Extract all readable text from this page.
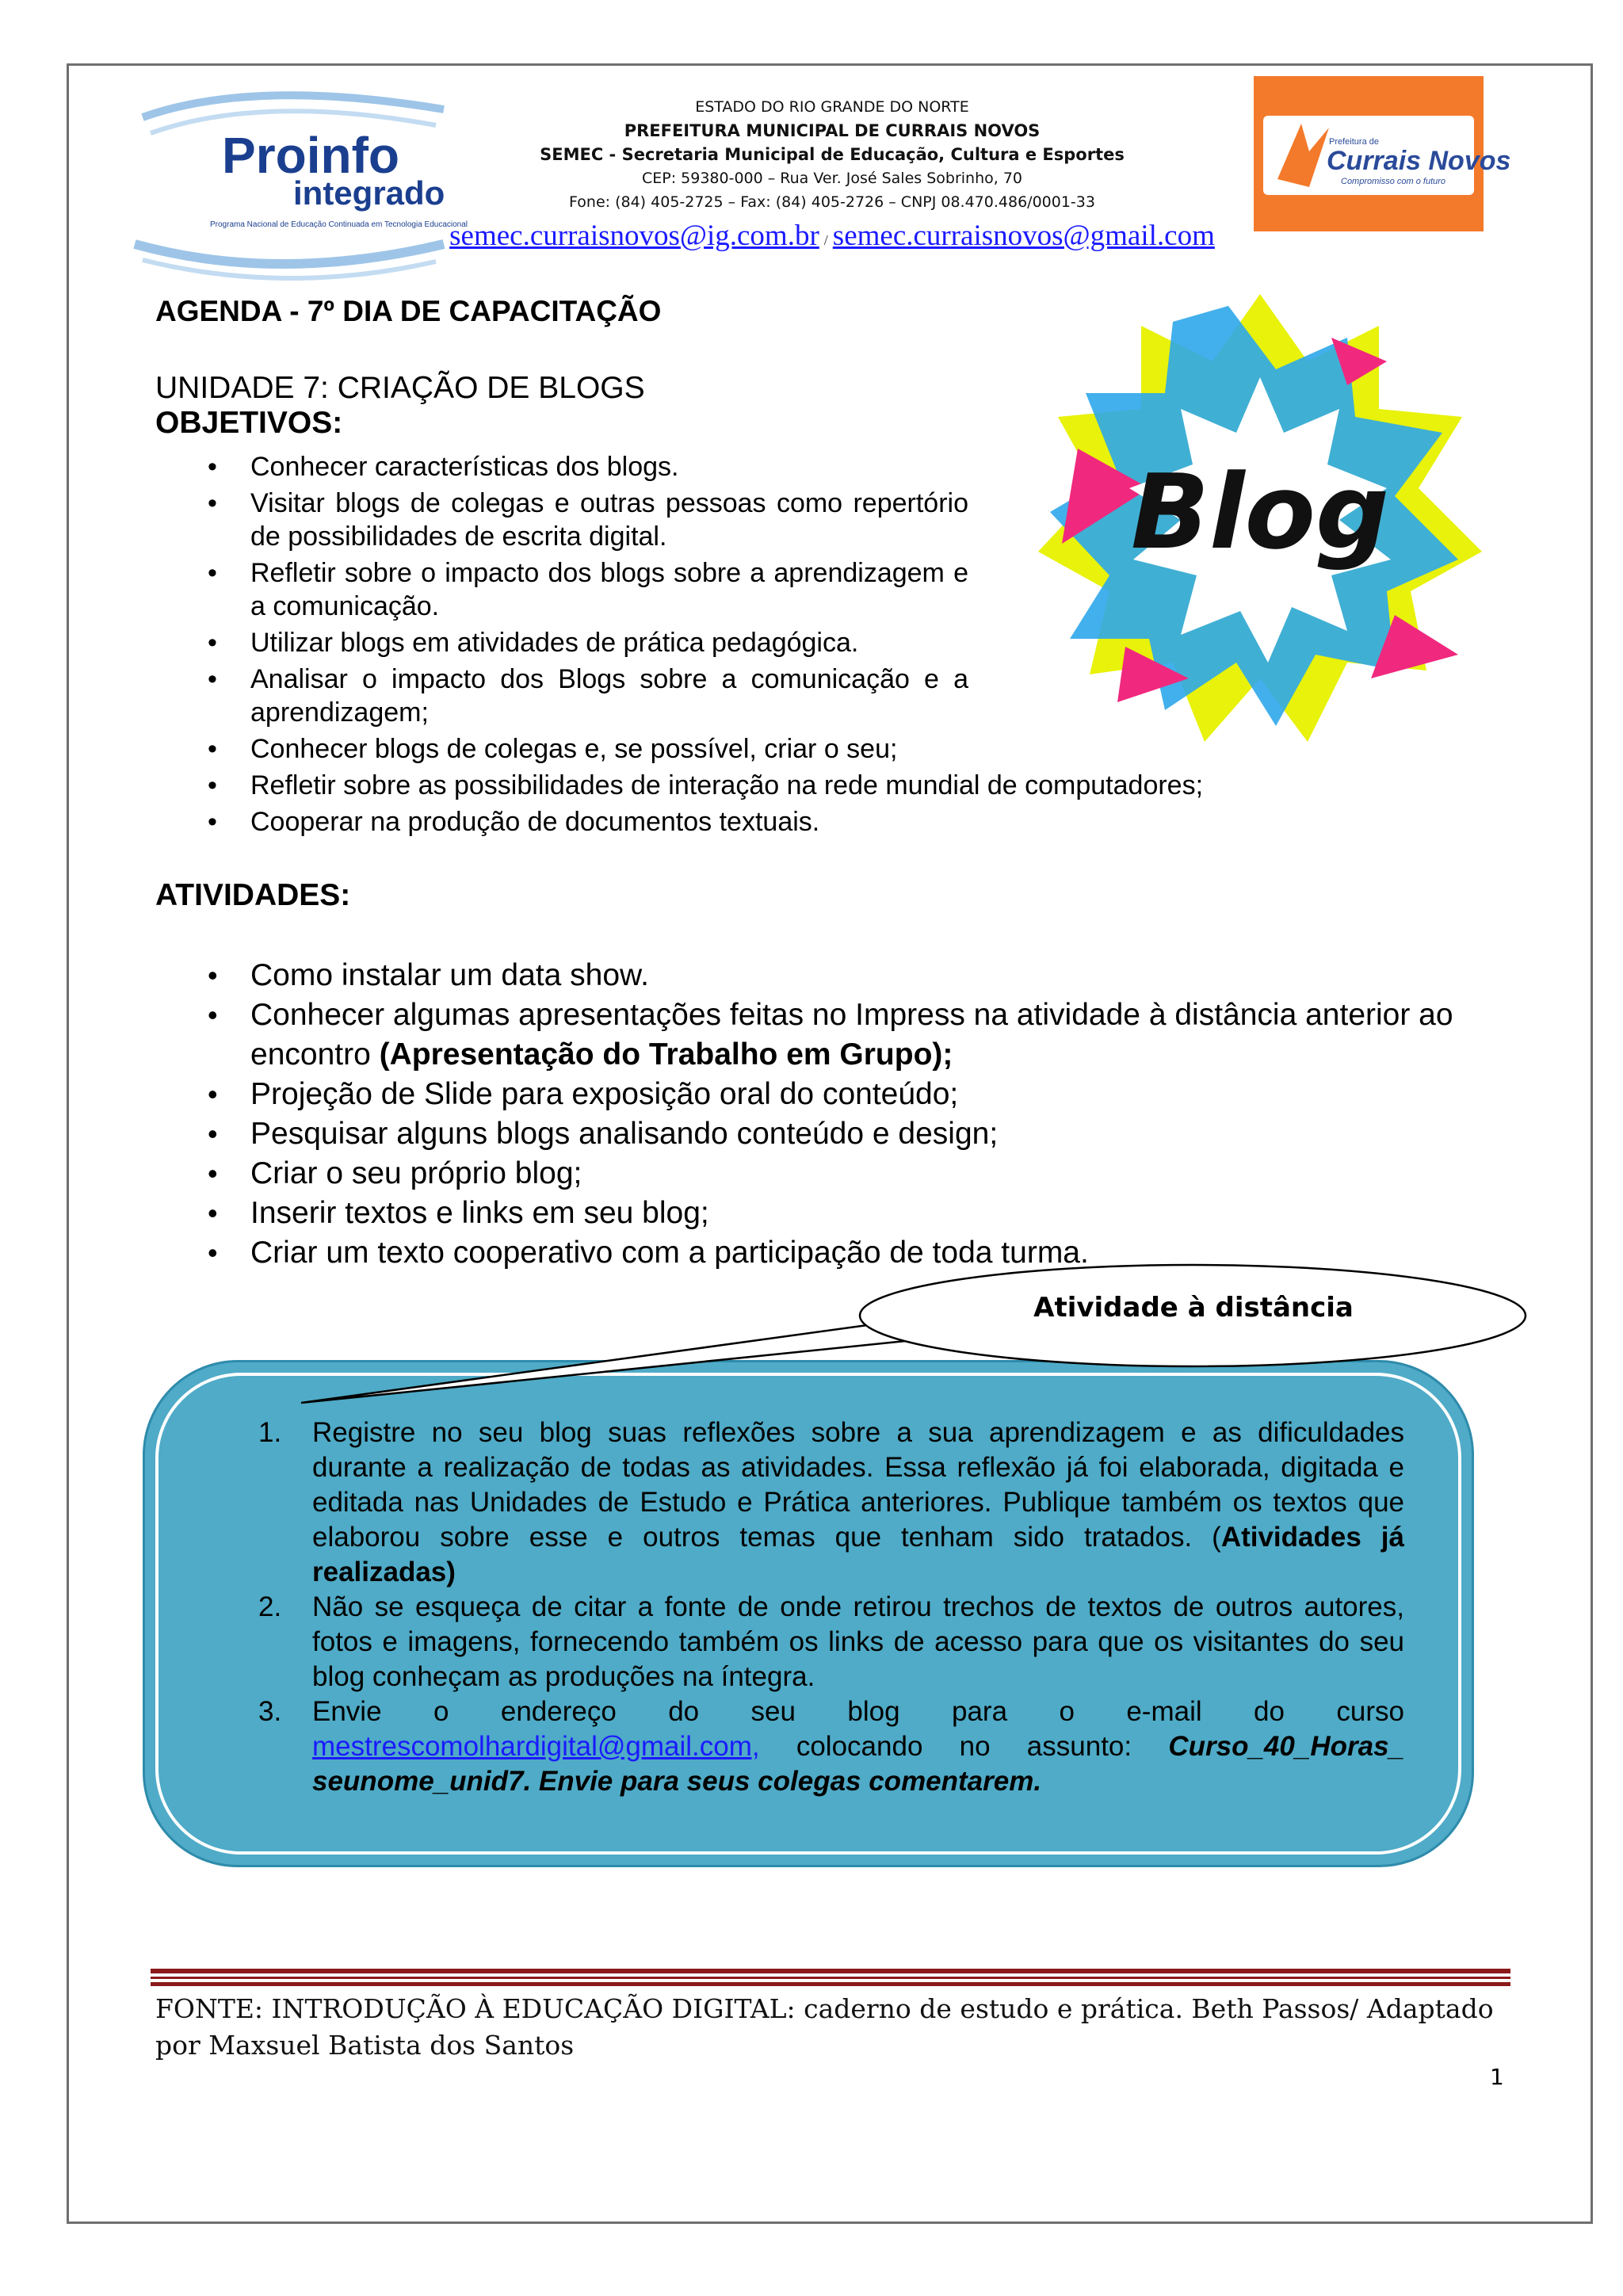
Proinfo
integrado
Programa Nacional de Educação Continuada em Tecnologia Educacional
Prefeitura de
Currais Novos
Compromisso com o futuro
ESTADO DO RIO GRANDE DO NORTE
PREFEITURA MUNICIPAL DE CURRAIS NOVOS
SEMEC - Secretaria Municipal de Educação, Cultura e Esportes
CEP: 59380-000 – Rua Ver. José Sales Sobrinho, 70
Fone: (84) 405-2725 – Fax: (84) 405-2726 – CNPJ 08.470.486/0001-33
semec.curraisnovos@ig.com.br / semec.curraisnovos@gmail.com
AGENDA - 7º DIA DE CAPACITAÇÃO
UNIDADE 7: CRIAÇÃO DE BLOGS
OBJETIVOS:
• Conhecer características dos blogs.
• Visitar blogs de colegas e outras pessoas como repertório de possibilidades de escrita digital.
• Refletir sobre o impacto dos blogs sobre a aprendizagem e a comunicação.
• Utilizar blogs em atividades de prática pedagógica.
• Analisar o impacto dos Blogs sobre a comunicação e a aprendizagem;
• Conhecer blogs de colegas e, se possível, criar o seu;
• Refletir sobre as possibilidades de interação na rede mundial de computadores;
• Cooperar na produção de documentos textuais.
Blog
ATIVIDADES:
• Como instalar um data show.
• Conhecer algumas apresentações feitas no Impress na atividade à distância anterior ao encontro (Apresentação do Trabalho em Grupo);
• Projeção de Slide para exposição oral do conteúdo;
• Pesquisar alguns blogs analisando conteúdo e design;
• Criar o seu próprio blog;
• Inserir textos e links em seu blog;
• Criar um texto cooperativo com a participação de toda turma.
Atividade à distância
1. Registre no seu blog suas reflexões sobre a sua aprendizagem e as dificuldades durante a realização de todas as atividades. Essa reflexão já foi elaborada, digitada e editada nas Unidades de Estudo e Prática anteriores. Publique também os textos que elaborou sobre esse e outros temas que tenham sido tratados. (Atividades já realizadas)
2. Não se esqueça de citar a fonte de onde retirou trechos de textos de outros autores, fotos e imagens, fornecendo também os links de acesso para que os visitantes do seu blog conheçam as produções na íntegra.
3. Envie o endereço do seu blog para o e-mail do curso mestrescomolhardigital@gmail.com, colocando no assunto: Curso_40_Horas_ seunome_unid7. Envie para seus colegas comentarem.
FONTE: INTRODUÇÃO À EDUCAÇÃO DIGITAL: caderno de estudo e prática. Beth Passos/ Adaptado por Maxsuel Batista dos Santos
1
